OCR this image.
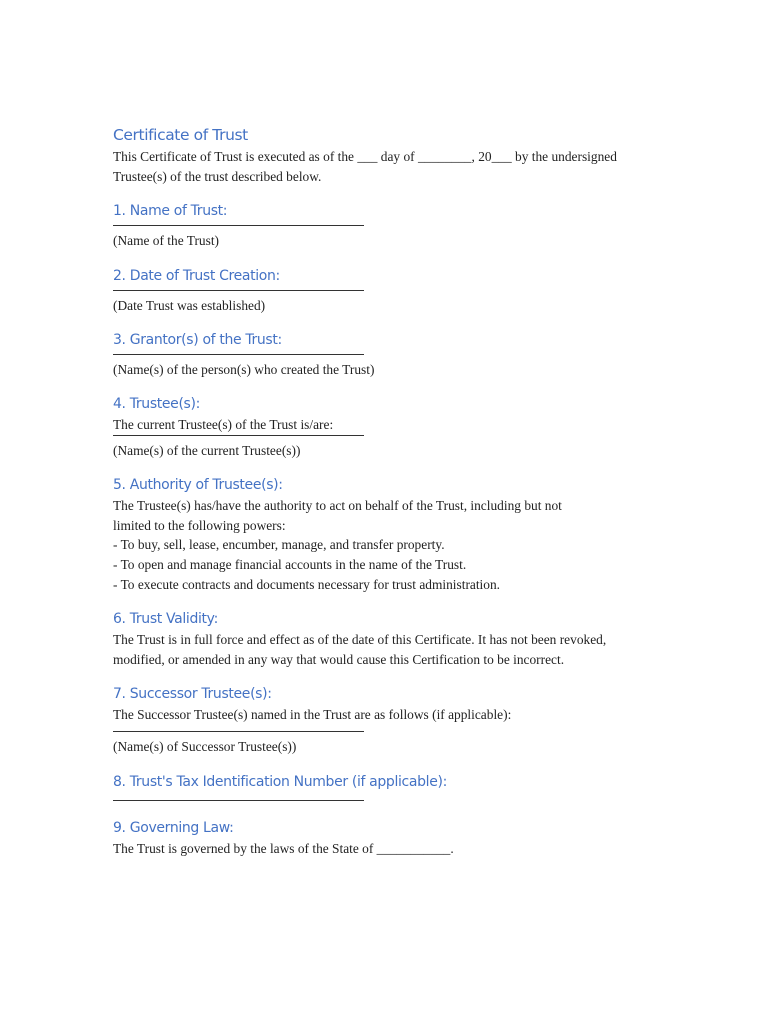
Certificate of Trust

This Certificate of Trust is executed as of the ___ day of ________, 20___ by the undersigned

Trustee(s) of the trust described below.

1. Name of Trust:

(Name of the Trust)

2. Date of Trust Creation:

(Date Trust was established)

3. Grantor(s) of the Trust:

(Name(s) of the person(s) who created the Trust)

4. Trustee(s):

The current Trustee(s) of the Trust is/are:

(Name(s) of the current Trustee(s))

5. Authority of Trustee(s):

The Trustee(s) has/have the authority to act on behalf of the Trust, including but not

limited to the following powers:

- To buy, sell, lease, encumber, manage, and transfer property.

- To open and manage financial accounts in the name of the Trust.

- To execute contracts and documents necessary for trust administration.

6. Trust Validity:

The Trust is in full force and effect as of the date of this Certificate. It has not been revoked,

modified, or amended in any way that would cause this Certification to be incorrect.

7. Successor Trustee(s):

The Successor Trustee(s) named in the Trust are as follows (if applicable):

(Name(s) of Successor Trustee(s))

8. Trust's Tax Identification Number (if applicable):
9. Governing Law:

The Trust is governed by the laws of the State of ___________.
